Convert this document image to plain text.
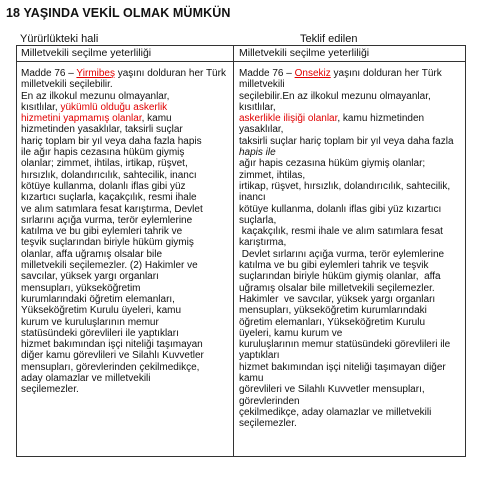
18 YAŞINDA VEKİL OLMAK MÜMKÜN
Yürürlükteki hali	Teklif edilen
Milletvekili seçilme yeterliliği	Milletvekili seçilme yeterliliği
Madde 76 – Yirmibeş yaşını dolduran her Türk
milletvekili seçilebilir.
En az ilkokul mezunu olmayanlar,
kısıtlılar, yükümlü olduğu askerlik
hizmetini yapmamış olanlar, kamu
hizmetinden yasaklılar, taksirli suçlar
hariç toplam bir yıl veya daha fazla hapis
ile ağır hapis cezasına hüküm giymiş
olanlar; zimmet, ihtilas, irtikap, rüşvet,
hırsızlık, dolandırıcılık, sahtecilik, inancı
kötüye kullanma, dolanlı iflas gibi yüz
kızartıcı suçlarla, kaçakçılık, resmi ihale
ve alım satımlara fesat karıştırma, Devlet
sırlarını açığa vurma, terör eylemlerine
katılma ve bu gibi eylemleri tahrik ve
teşvik suçlarından biriyle hüküm giymiş
olanlar, affa uğramış olsalar bile
milletvekili seçilemezler. (2) Hakimler ve
savcılar, yüksek yargı organları
mensupları, yükseköğretim
kurumlarındaki öğretim elemanları,
Yükseköğretim Kurulu üyeleri, kamu
kurum ve kuruluşlarının memur
statüsündeki görevlileri ile yaptıkları
hizmet bakımından işçi niteliği taşımayan
diğer kamu görevlileri ve Silahlı Kuvvetler
mensupları, görevlerinden çekilmedikçe,
aday olamazlar ve milletvekili
seçilemezler.
Madde 76 – Onsekiz yaşını dolduran her Türk
milletvekili
seçilebilir.En az ilkokul mezunu olmayanlar,
kısıtlılar,
askerlikle ilişiği olanlar, kamu hizmetinden
yasaklılar,
taksirli suçlar hariç toplam bir yıl veya daha fazla
hapis ile
ağır hapis cezasına hüküm giymiş olanlar;
zimmet, ihtilas,
irtikap, rüşvet, hırsızlık, dolandırıcılık, sahtecilik,
inancı
kötüye kullanma, dolanlı iflas gibi yüz kızartıcı
suçlarla,
kaçakçılık, resmi ihale ve alım satımlara fesat
karıştırma,
Devlet sırlarını açığa vurma, terör eylemlerine
katılma ve bu gibi eylemleri tahrik ve teşvik
suçlarından biriyle hüküm giymiş olanlar,  affa
uğramış olsalar bile milletvekili seçilemezler.
Hakimler  ve savcılar, yüksek yargı organları
mensupları, yükseköğretim kurumlarındaki
öğretim elemanları, Yükseköğretim Kurulu
üyeleri, kamu kurum ve
kuruluşlarının memur statüsündeki görevlileri ile
yaptıkları
hizmet bakımından işçi niteliği taşımayan diğer
kamu
görevlileri ve Silahlı Kuvvetler mensupları,
görevlerinden
çekilmedikçe, aday olamazlar ve milletvekili
seçilemezler.
